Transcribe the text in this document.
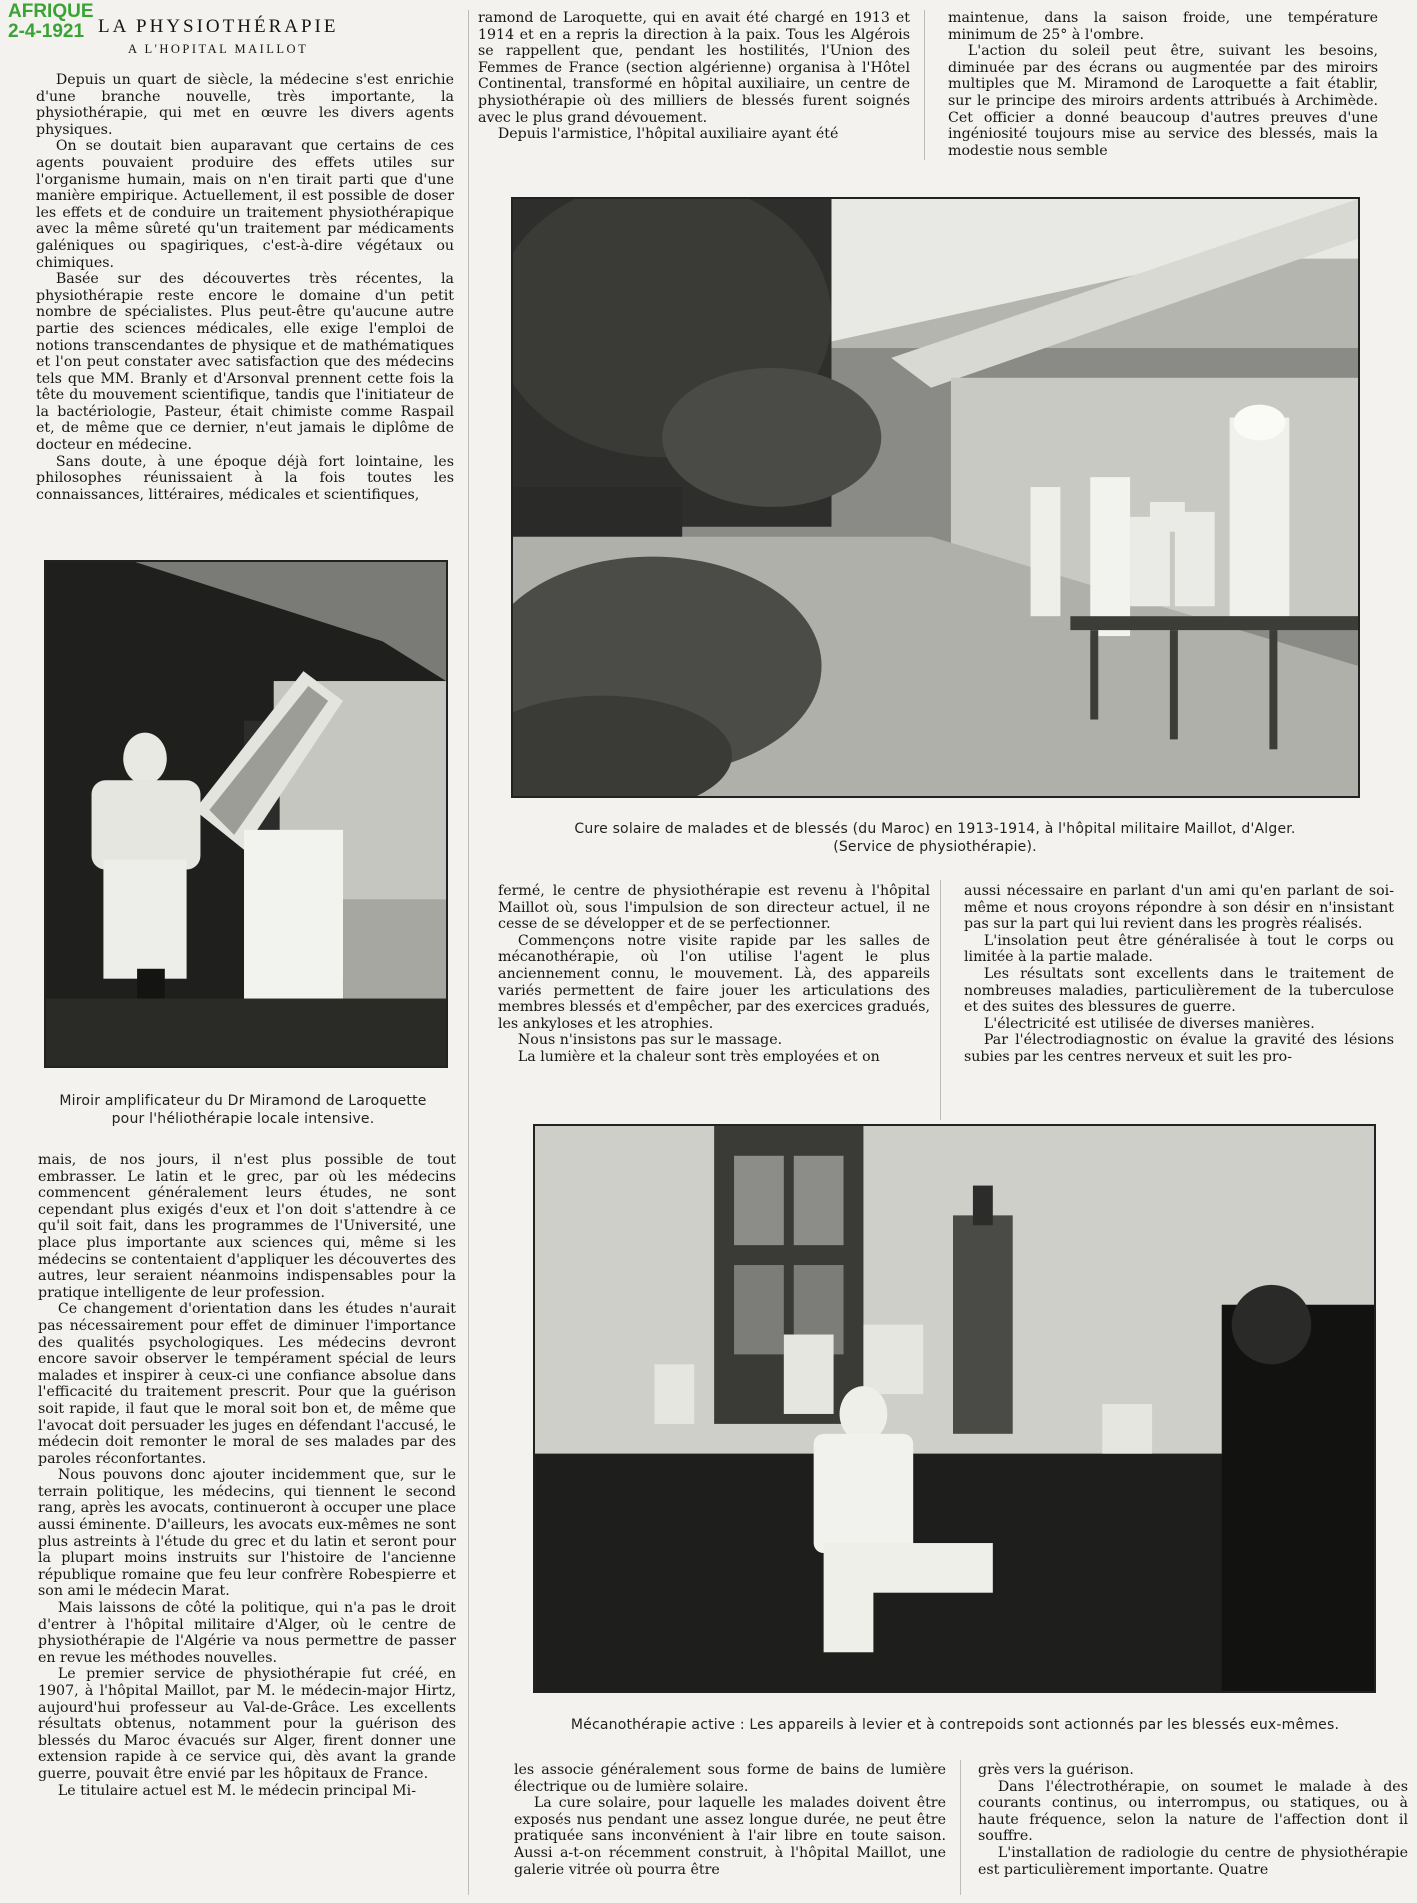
AFRIQUE
2-4-1921 LA PHYSIOTHÉRAPIE
A L'HOPITAL MAILLOT

Depuis un quart de siècle, la médecine s'est enrichie d'une branche nouvelle, très importante, la physiothérapie, qui met en œuvre les divers agents physiques.

On se doutait bien auparavant que certains de ces agents pouvaient produire des effets utiles sur l'organisme humain, mais on n'en tirait parti que d'une manière empirique. Actuellement, il est possible de doser les effets et de conduire un traitement physiothérapique avec la même sûreté qu'un traitement par médicaments galéniques ou spagiriques, c'est-à-dire végétaux ou chimiques.

Basée sur des découvertes très récentes, la physiothérapie reste encore le domaine d'un petit nombre de spécialistes. Plus peut-être qu'aucune autre partie des sciences médicales, elle exige l'emploi de notions transcendantes de physique et de mathématiques et l'on peut constater avec satisfaction que des médecins tels que MM. Branly et d'Arsonval prennent cette fois la tête du mouvement scientifique, tandis que l'initiateur de la bactériologie, Pasteur, était chimiste comme Raspail et, de même que ce dernier, n'eut jamais le diplôme de docteur en médecine.

Sans doute, à une époque déjà fort lointaine, les philosophes réunissaient à la fois toutes les connaissances, littéraires, médicales et scientifiques,

ramond de Laroquette, qui en avait été chargé en 1913 et 1914 et en a repris la direction à la paix. Tous les Algérois se rappellent que, pendant les hostilités, l'Union des Femmes de France (section algérienne) organisa à l'Hôtel Continental, transformé en hôpital auxiliaire, un centre de physiothérapie où des milliers de blessés furent soignés avec le plus grand dévouement.

Depuis l'armistice, l'hôpital auxiliaire ayant été

maintenue, dans la saison froide, une température minimum de 25° à l'ombre.

L'action du soleil peut être, suivant les besoins, diminuée par des écrans ou augmentée par des miroirs multiples que M. Miramond de Laroquette a fait établir, sur le principe des miroirs ardents attribués à Archimède. Cet officier a donné beaucoup d'autres preuves d'une ingéniosité toujours mise au service des blessés, mais la modestie nous semble

Cure solaire de malades et de blessés (du Maroc) en 1913-1914, à l'hôpital militaire Maillot, d'Alger.
(Service de physiothérapie).
Miroir amplificateur du Dr Miramond de Laroquette
pour l'héliothérapie locale intensive.

mais, de nos jours, il n'est plus possible de tout embrasser. Le latin et le grec, par où les médecins commencent généralement leurs études, ne sont cependant plus exigés d'eux et l'on doit s'attendre à ce qu'il soit fait, dans les programmes de l'Université, une place plus importante aux sciences qui, même si les médecins se contentaient d'appliquer les découvertes des autres, leur seraient néanmoins indispensables pour la pratique intelligente de leur profession.

Ce changement d'orientation dans les études n'aurait pas nécessairement pour effet de diminuer l'importance des qualités psychologiques. Les médecins devront encore savoir observer le tempérament spécial de leurs malades et inspirer à ceux-ci une confiance absolue dans l'efficacité du traitement prescrit. Pour que la guérison soit rapide, il faut que le moral soit bon et, de même que l'avocat doit persuader les juges en défendant l'accusé, le médecin doit remonter le moral de ses malades par des paroles réconfortantes.

Nous pouvons donc ajouter incidemment que, sur le terrain politique, les médecins, qui tiennent le second rang, après les avocats, continueront à occuper une place aussi éminente. D'ailleurs, les avocats eux-mêmes ne sont plus astreints à l'étude du grec et du latin et seront pour la plupart moins instruits sur l'histoire de l'ancienne république romaine que feu leur confrère Robespierre et son ami le médecin Marat.

Mais laissons de côté la politique, qui n'a pas le droit d'entrer à l'hôpital militaire d'Alger, où le centre de physiothérapie de l'Algérie va nous permettre de passer en revue les méthodes nouvelles.

Le premier service de physiothérapie fut créé, en 1907, à l'hôpital Maillot, par M. le médecin-major Hirtz, aujourd'hui professeur au Val-de-Grâce. Les excellents résultats obtenus, notamment pour la guérison des blessés du Maroc évacués sur Alger, firent donner une extension rapide à ce service qui, dès avant la grande guerre, pouvait être envié par les hôpitaux de France.

Le titulaire actuel est M. le médecin principal Mi-

fermé, le centre de physiothérapie est revenu à l'hôpital Maillot où, sous l'impulsion de son directeur actuel, il ne cesse de se développer et de se perfectionner.

Commençons notre visite rapide par les salles de mécanothérapie, où l'on utilise l'agent le plus anciennement connu, le mouvement. Là, des appareils variés permettent de faire jouer les articulations des membres blessés et d'empêcher, par des exercices gradués, les ankyloses et les atrophies.

Nous n'insistons pas sur le massage.

La lumière et la chaleur sont très employées et on

aussi nécessaire en parlant d'un ami qu'en parlant de soi-même et nous croyons répondre à son désir en n'insistant pas sur la part qui lui revient dans les progrès réalisés.

L'insolation peut être généralisée à tout le corps ou limitée à la partie malade.

Les résultats sont excellents dans le traitement de nombreuses maladies, particulièrement de la tuberculose et des suites des blessures de guerre.

L'électricité est utilisée de diverses manières.

Par l'électrodiagnostic on évalue la gravité des lésions subies par les centres nerveux et suit les pro-

Mécanothérapie active : Les appareils à levier et à contrepoids sont actionnés par les blessés eux-mêmes.

les associe généralement sous forme de bains de lumière électrique ou de lumière solaire.

La cure solaire, pour laquelle les malades doivent être exposés nus pendant une assez longue durée, ne peut être pratiquée sans inconvénient à l'air libre en toute saison. Aussi a-t-on récemment construit, à l'hôpital Maillot, une galerie vitrée où pourra être

grès vers la guérison.

Dans l'électrothérapie, on soumet le malade à des courants continus, ou interrompus, ou statiques, ou à haute fréquence, selon la nature de l'affection dont il souffre.

L'installation de radiologie du centre de physiothérapie est particulièrement importante. Quatre
